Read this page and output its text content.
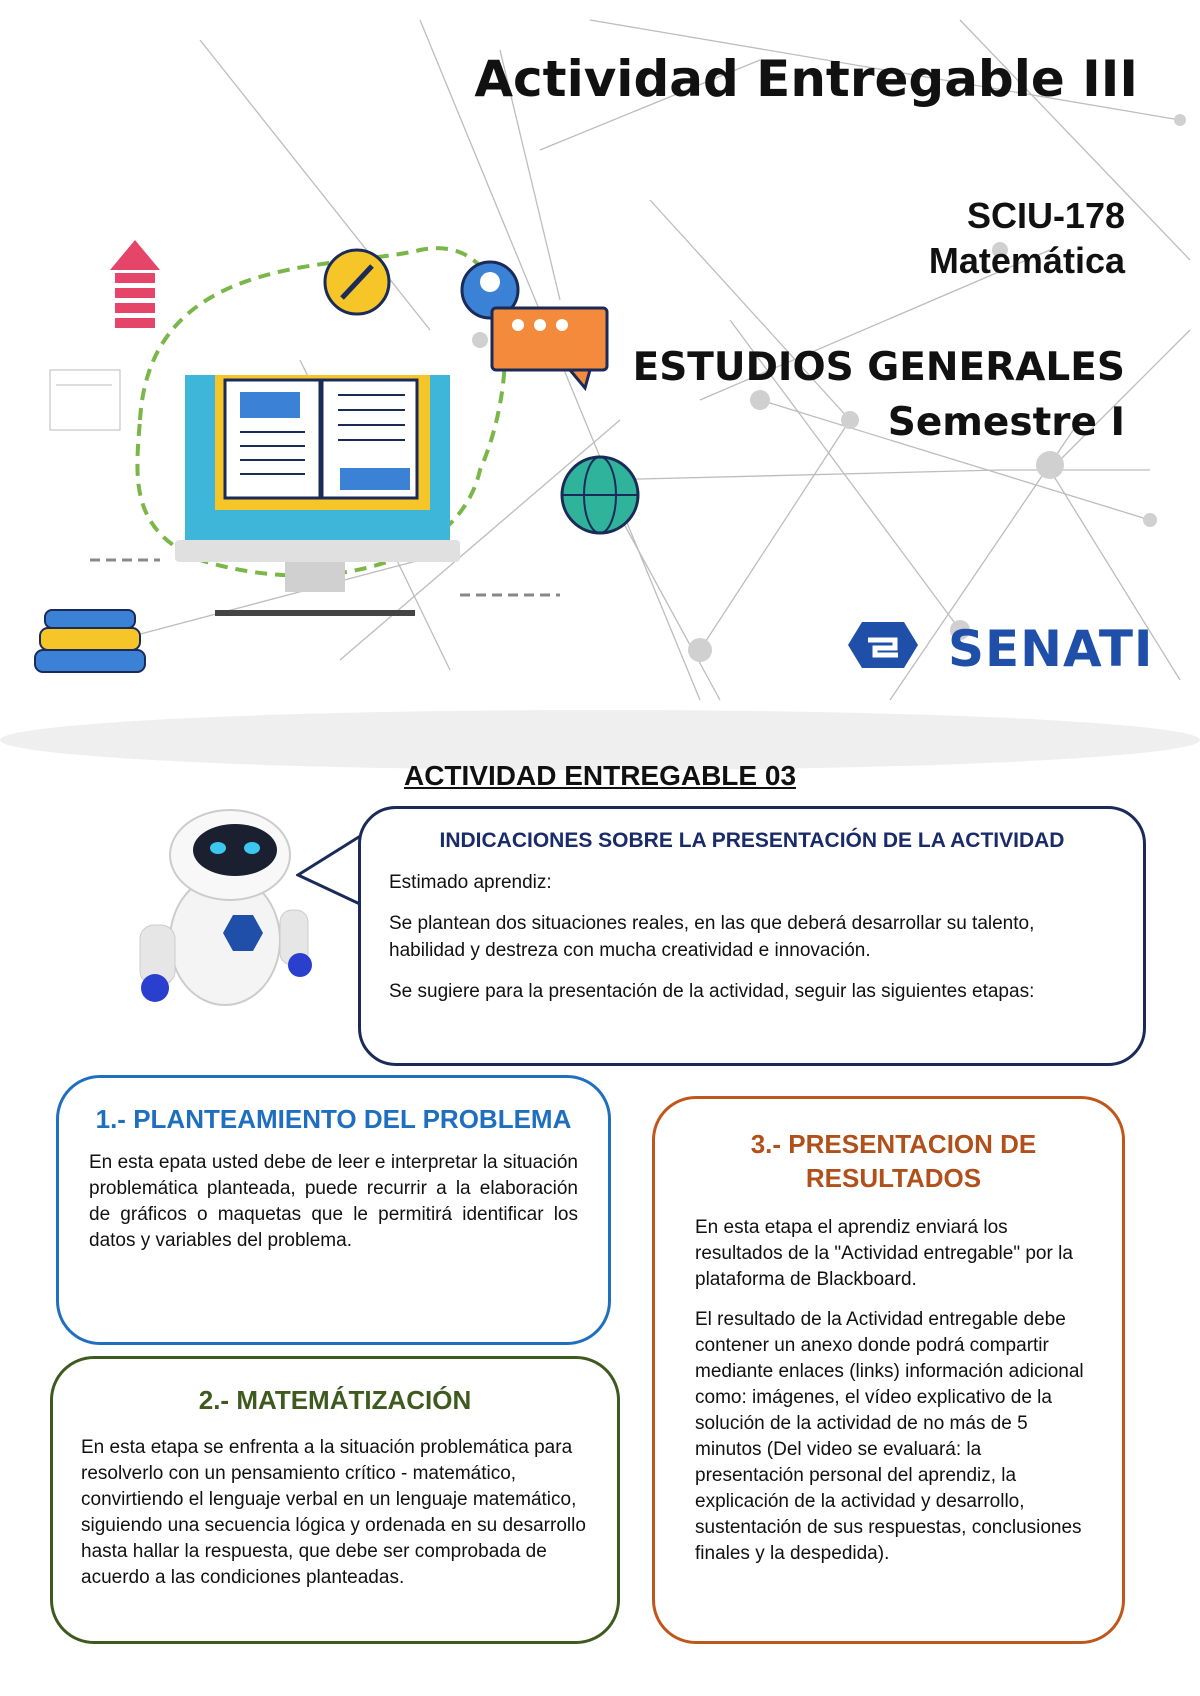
Actividad Entregable III
SCIU-178
Matemática
ESTUDIOS GENERALES
Semestre I
SENATI
ACTIVIDAD ENTREGABLE 03
INDICACIONES SOBRE LA PRESENTACIÓN DE LA ACTIVIDAD

Estimado aprendiz:

Se plantean dos situaciones reales, en las que deberá desarrollar su talento, habilidad y destreza con mucha creatividad e innovación.

Se sugiere para la presentación de la actividad, seguir las siguientes etapas:

1.- PLANTEAMIENTO DEL PROBLEMA

En esta epata usted debe de leer e interpretar la situación problemática planteada, puede recurrir a la elaboración de gráficos o maquetas que le permitirá identificar los datos y variables del problema.

2.- MATEMÁTIZACIÓN

En esta etapa se enfrenta a la situación problemática para resolverlo con un pensamiento crítico - matemático, convirtiendo el lenguaje verbal en un lenguaje matemático, siguiendo una secuencia lógica y ordenada en su desarrollo hasta hallar la respuesta, que debe ser comprobada de acuerdo a las condiciones planteadas.

3.- PRESENTACION DE RESULTADOS

En esta etapa el aprendiz enviará los resultados de la "Actividad entregable" por la plataforma de Blackboard.

El resultado de la Actividad entregable debe contener un anexo donde podrá compartir mediante enlaces (links) información adicional como: imágenes, el vídeo explicativo de la solución de la actividad de no más de 5 minutos (Del video se evaluará: la presentación personal del aprendiz, la explicación de la actividad y desarrollo, sustentación de sus respuestas, conclusiones finales y la despedida).
